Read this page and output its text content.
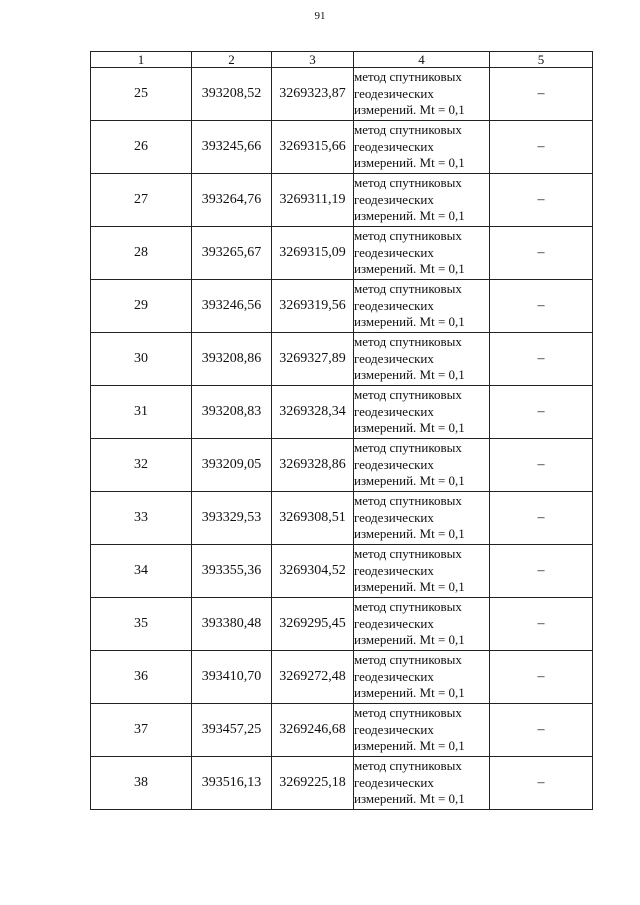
91
1	2	3	4	5
25	393208,52	3269323,87	метод спутниковых
геодезических
измерений. Mt = 0,1	–
26	393245,66	3269315,66	метод спутниковых
геодезических
измерений. Mt = 0,1	–
27	393264,76	3269311,19	метод спутниковых
геодезических
измерений. Mt = 0,1	–
28	393265,67	3269315,09	метод спутниковых
геодезических
измерений. Mt = 0,1	–
29	393246,56	3269319,56	метод спутниковых
геодезических
измерений. Mt = 0,1	–
30	393208,86	3269327,89	метод спутниковых
геодезических
измерений. Mt = 0,1	–
31	393208,83	3269328,34	метод спутниковых
геодезических
измерений. Mt = 0,1	–
32	393209,05	3269328,86	метод спутниковых
геодезических
измерений. Mt = 0,1	–
33	393329,53	3269308,51	метод спутниковых
геодезических
измерений. Mt = 0,1	–
34	393355,36	3269304,52	метод спутниковых
геодезических
измерений. Mt = 0,1	–
35	393380,48	3269295,45	метод спутниковых
геодезических
измерений. Mt = 0,1	–
36	393410,70	3269272,48	метод спутниковых
геодезических
измерений. Mt = 0,1	–
37	393457,25	3269246,68	метод спутниковых
геодезических
измерений. Mt = 0,1	–
38	393516,13	3269225,18	метод спутниковых
геодезических
измерений. Mt = 0,1	–
